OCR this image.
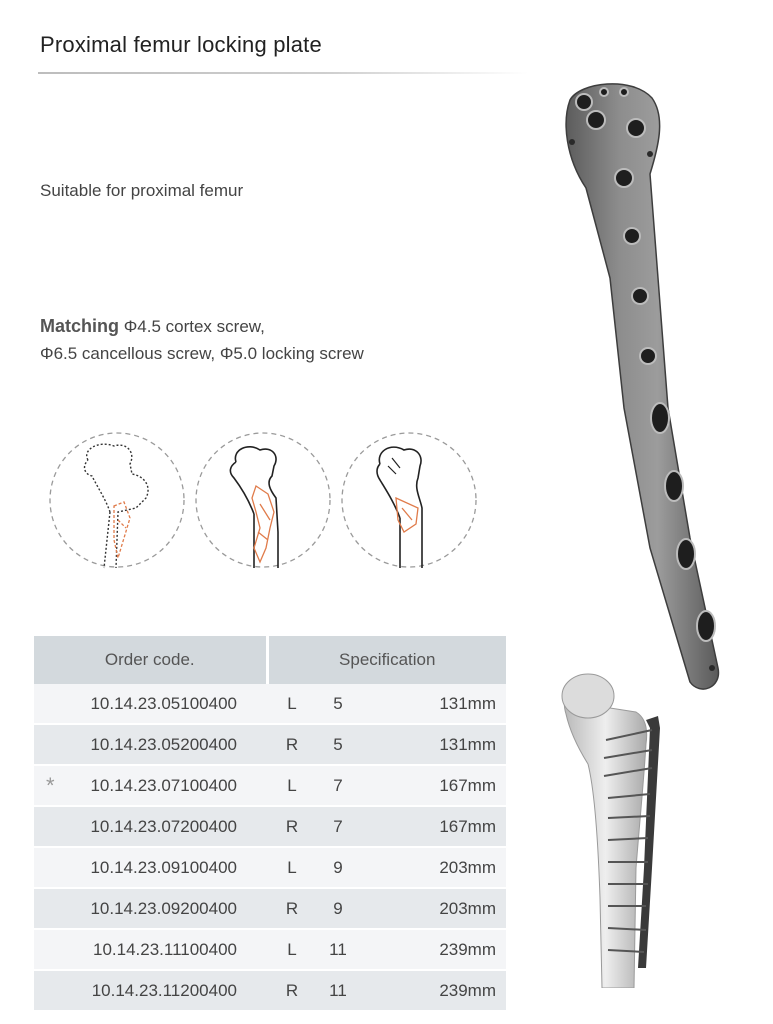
Proximal femur locking plate
Suitable for proximal femur
Matching Φ4.5 cortex screw,
Φ6.5 cancellous screw, Φ5.0 locking screw
Order code.	Specification		

10.14.23.05100400	L	5	131mm

10.14.23.05200400	R	5	131mm

* 10.14.23.07100400	L	7	167mm

10.14.23.07200400	R	7	167mm

10.14.23.09100400	L	9	203mm

10.14.23.09200400	R	9	203mm

10.14.23.11100400	L	11	239mm

10.14.23.11200400	R	11	239mm
